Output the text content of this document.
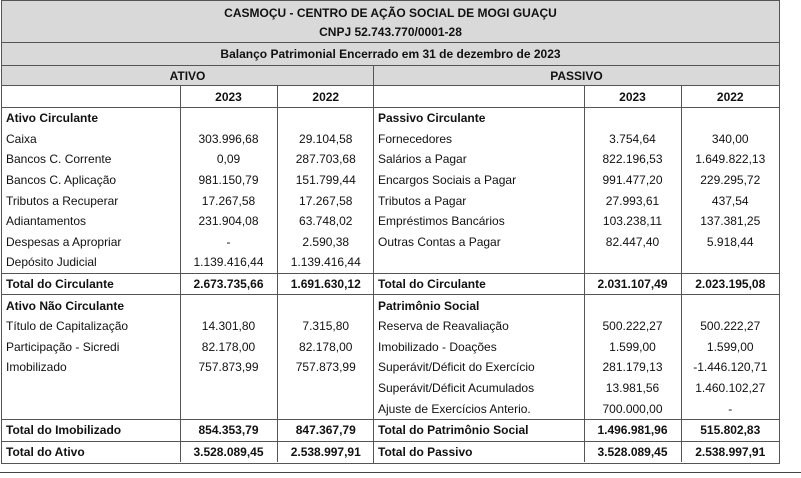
CASMOÇU - CENTRO DE AÇÃO SOCIAL DE MOGI GUAÇU
CNPJ 52.743.770/0001-28
Balanço Patrimonial Encerrado em 31 de dezembro de 2023
ATIVO
	2023	2022
Ativo Circulante		
Caixa	303.996,68	29.104,58
Bancos C. Corrente	0,09	287.703,68
Bancos C. Aplicação	981.150,79	151.799,44
Tributos a Recuperar	17.267,58	17.267,58
Adiantamentos	231.904,08	63.748,02
Despesas a Apropriar	-	2.590,38
Depósito Judicial	1.139.416,44	1.139.416,44
Total do Circulante	2.673.735,66	1.691.630,12
Ativo Não Circulante		
Título de Capitalização	14.301,80	7.315,80
Participação - Sicredi	82.178,00	82.178,00
Imobilizado	757.873,99	757.873,99

Total do Imobilizado	854.353,79	847.367,79
Total do Ativo	3.528.089,45	2.538.997,91
PASSIVO
	2023	2022
Passivo Circulante		
Fornecedores	3.754,64	340,00
Salários a Pagar	822.196,53	1.649.822,13
Encargos Sociais a Pagar	991.477,20	229.295,72
Tributos a Pagar	27.993,61	437,54
Empréstimos Bancários	103.238,11	137.381,25
Outras Contas a Pagar	82.447,40	5.918,44

Total do Circulante	2.031.107,49	2.023.195,08
Patrimônio Social		
Reserva de Reavaliação	500.222,27	500.222,27
Imobilizado - Doações	1.599,00	1.599,00
Superávit/Déficit do Exercício	281.179,13	-1.446.120,71
Superávit/Déficit Acumulados	13.981,56	1.460.102,27
Ajuste de Exercícios Anterio.	700.000,00	-
Total do Patrimônio Social	1.496.981,96	515.802,83
Total do Passivo	3.528.089,45	2.538.997,91
